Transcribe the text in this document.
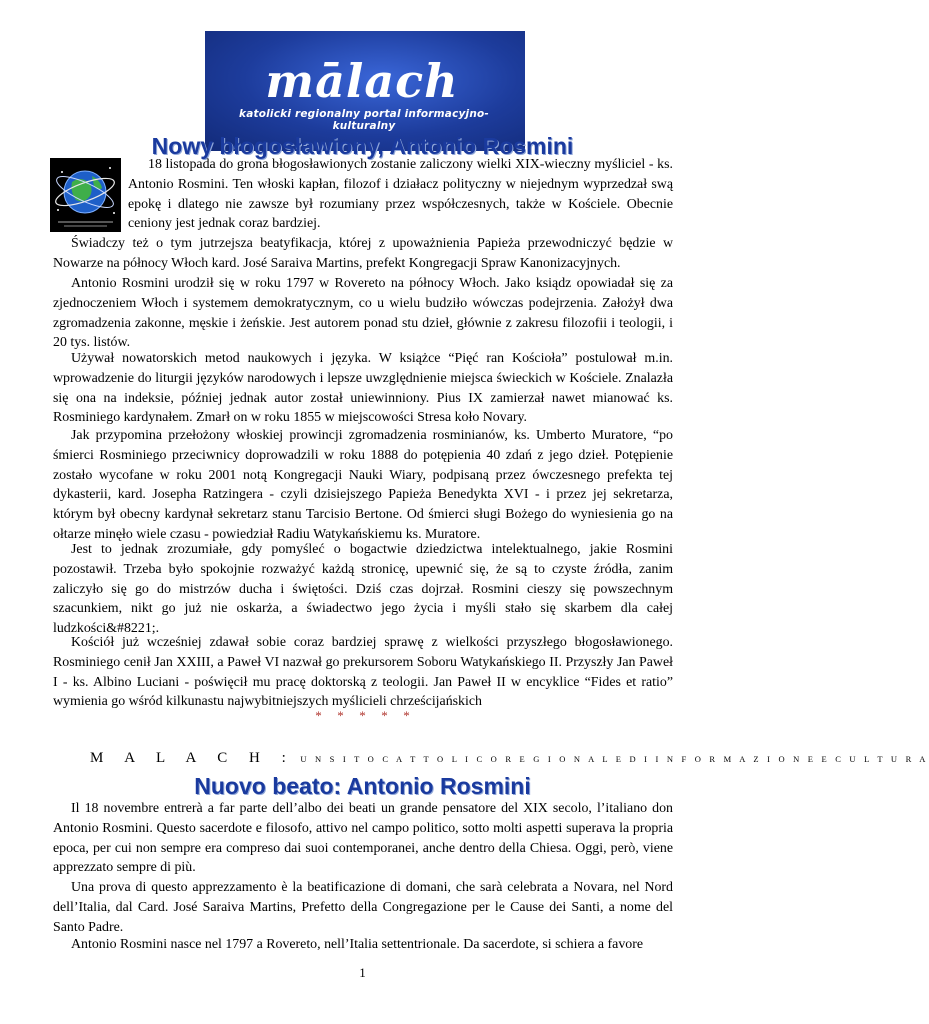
mālach
katolicki regionalny portal informacyjno-kulturalny
Nowy błogosławiony, Antonio Rosmini

18 listopada do grona błogosławionych zostanie zaliczony wielki XIX-wieczny myśliciel - ks. Antonio Rosmini. Ten włoski kapłan, filozof i działacz polityczny w niejednym wyprzedzał swą epokę i dlatego nie zawsze był rozumiany przez współczesnych, także w Kościele. Obecnie ceniony jest jednak coraz bardziej.

Świadczy też o tym jutrzejsza beatyfikacja, której z upoważnienia Papieża przewodniczyć będzie w Nowarze na północy Włoch kard. José Saraiva Martins, prefekt Kongregacji Spraw Kanonizacyjnych.

Antonio Rosmini urodził się w roku 1797 w Rovereto na północy Włoch. Jako ksiądz opowiadał się za zjednoczeniem Włoch i systemem demokratycznym, co u wielu budziło wówczas podejrzenia. Założył dwa zgromadzenia zakonne, męskie i żeńskie. Jest autorem ponad stu dzieł, głównie z zakresu filozofii i teologii, i 20 tys. listów.

Używał nowatorskich metod naukowych i języka. W książce “Pięć ran Kościoła” postulował m.in. wprowadzenie do liturgii języków narodowych i lepsze uwzględnienie miejsca świeckich w Kościele. Znalazła się ona na indeksie, później jednak autor został uniewinniony. Pius IX zamierzał nawet mianować ks. Rosminiego kardynałem. Zmarł on w roku 1855 w miejscowości Stresa koło Novary.

Jak przypomina przełożony włoskiej prowincji zgromadzenia rosminianów, ks. Umberto Muratore, “po śmierci Rosminiego przeciwnicy doprowadzili w roku 1888 do potępienia 40 zdań z jego dzieł. Potępienie zostało wycofane w roku 2001 notą Kongregacji Nauki Wiary, podpisaną przez ówczesnego prefekta tej dykasterii, kard. Josepha Ratzingera - czyli dzisiejszego Papieża Benedykta XVI - i przez jej sekretarza, którym był obecny kardynał sekretarz stanu Tarcisio Bertone. Od śmierci sługi Bożego do wyniesienia go na ołtarze minęło wiele czasu - powiedział Radiu Watykańskiemu ks. Muratore.

Jest to jednak zrozumiałe, gdy pomyśleć o bogactwie dziedzictwa intelektualnego, jakie Rosmini pozostawił. Trzeba było spokojnie rozważyć każdą stronicę, upewnić się, że są to czyste źródła, zanim zaliczyło się go do mistrzów ducha i świętości. Dziś czas dojrzał. Rosmini cieszy się powszechnym szacunkiem, nikt go już nie oskarża, a świadectwo jego życia i myśli stało się skarbem dla całej ludzkości&#8221;.

Kościół już wcześniej zdawał sobie coraz bardziej sprawę z wielkości przyszłego błogosławionego. Rosminiego cenił Jan XXIII, a Paweł VI nazwał go prekursorem Soboru Watykańskiego II. Przyszły Jan Paweł I - ks. Albino Luciani - poświęcił mu pracę doktorską z teologii. Jan Paweł II w encyklice “Fides et ratio” wymienia go wśród kilkunastu najwybitniejszych myślicieli chrześcijańskich

* * * * *
M A L A C H : U N S I T O C A T T O L I C O R E G I O N A L E D I I N F O R M A Z I O N E E C U L T U R A
Nuovo beato: Antonio Rosmini

Il 18 novembre entrerà a far parte dell’albo dei beati un grande pensatore del XIX secolo, l’italiano don Antonio Rosmini. Questo sacerdote e filosofo, attivo nel campo politico, sotto molti aspetti superava la propria epoca, per cui non sempre era compreso dai suoi contemporanei, anche dentro della Chiesa. Oggi, però, viene apprezzato sempre di più.

Una prova di questo apprezzamento è la beatificazione di domani, che sarà celebrata a Novara, nel Nord dell’Italia, dal Card. José Saraiva Martins, Prefetto della Congregazione per le Cause dei Santi, a nome del Santo Padre.

Antonio Rosmini nasce nel 1797 a Rovereto, nell’Italia settentrionale. Da sacerdote, si schiera a favore

1
